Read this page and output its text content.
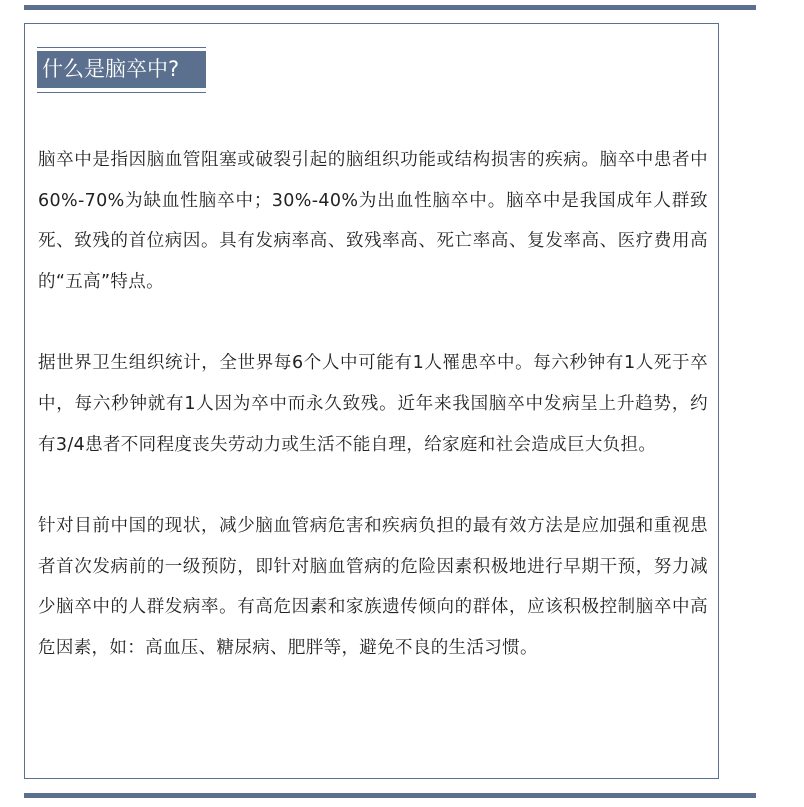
什么是脑卒中?

脑卒中是指因脑血管阻塞或破裂引起的脑组织功能或结构损害的疾病。脑卒中患者中60%-70%为缺血性脑卒中；30%-40%为出血性脑卒中。脑卒中是我国成年人群致死、致残的首位病因。具有发病率高、致残率高、死亡率高、复发率高、医疗费用高的“五高”特点。

据世界卫生组织统计，全世界每6个人中可能有1人罹患卒中。每六秒钟有1人死于卒中，每六秒钟就有1人因为卒中而永久致残。近年来我国脑卒中发病呈上升趋势，约有3/4患者不同程度丧失劳动力或生活不能自理，给家庭和社会造成巨大负担。

针对目前中国的现状，减少脑血管病危害和疾病负担的最有效方法是应加强和重视患者首次发病前的一级预防，即针对脑血管病的危险因素积极地进行早期干预，努力减少脑卒中的人群发病率。有高危因素和家族遗传倾向的群体，应该积极控制脑卒中高危因素，如：高血压、糖尿病、肥胖等，避免不良的生活习惯。
